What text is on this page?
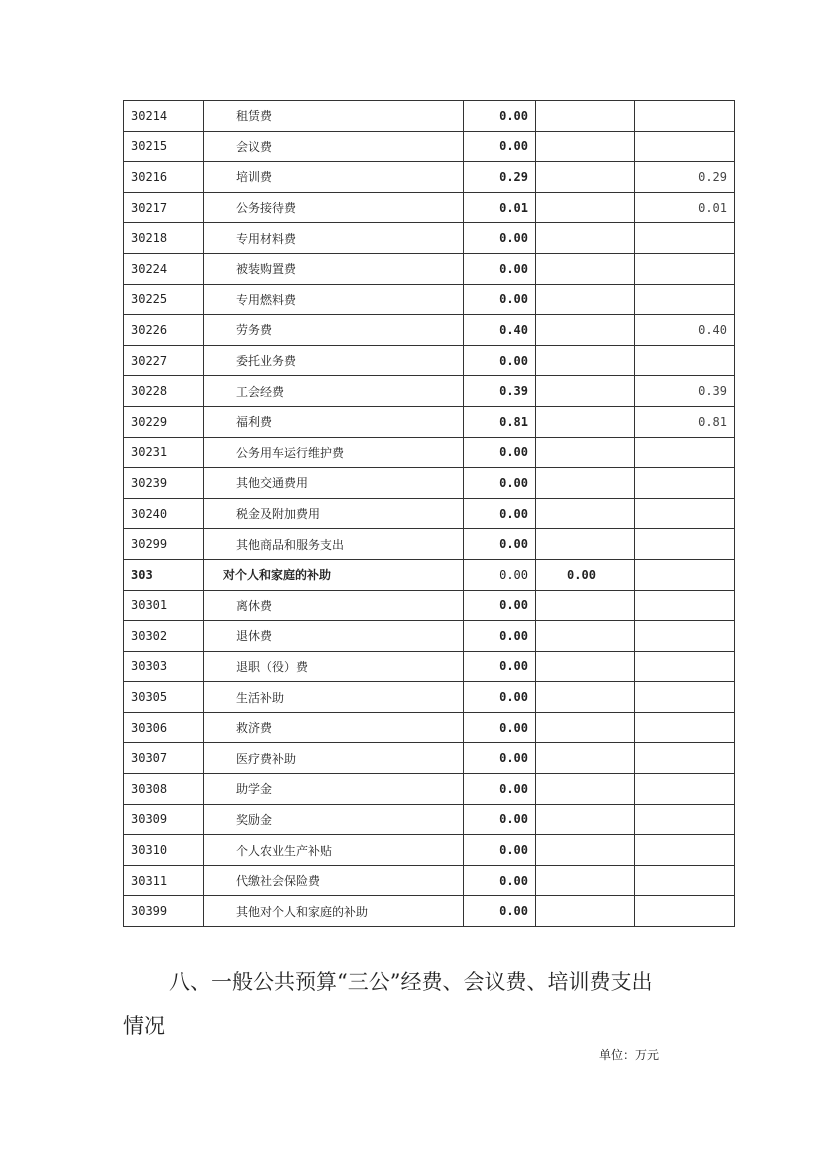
30214	租赁费	0.00		
30215	会议费	0.00		
30216	培训费	0.29		0.29
30217	公务接待费	0.01		0.01
30218	专用材料费	0.00		
30224	被装购置费	0.00		
30225	专用燃料费	0.00		
30226	劳务费	0.40		0.40
30227	委托业务费	0.00		
30228	工会经费	0.39		0.39
30229	福利费	0.81		0.81
30231	公务用车运行维护费	0.00		
30239	其他交通费用	0.00		
30240	税金及附加费用	0.00		
30299	其他商品和服务支出	0.00		
303	对个人和家庭的补助	0.00	0.00	
30301	离休费	0.00		
30302	退休费	0.00		
30303	退职（役）费	0.00		
30305	生活补助	0.00		
30306	救济费	0.00		
30307	医疗费补助	0.00		
30308	助学金	0.00		
30309	奖励金	0.00		
30310	个人农业生产补贴	0.00		
30311	代缴社会保险费	0.00		
30399	其他对个人和家庭的补助	0.00		
八、一般公共预算“三公”经费、会议费、培训费支出
情况
单位：万元
